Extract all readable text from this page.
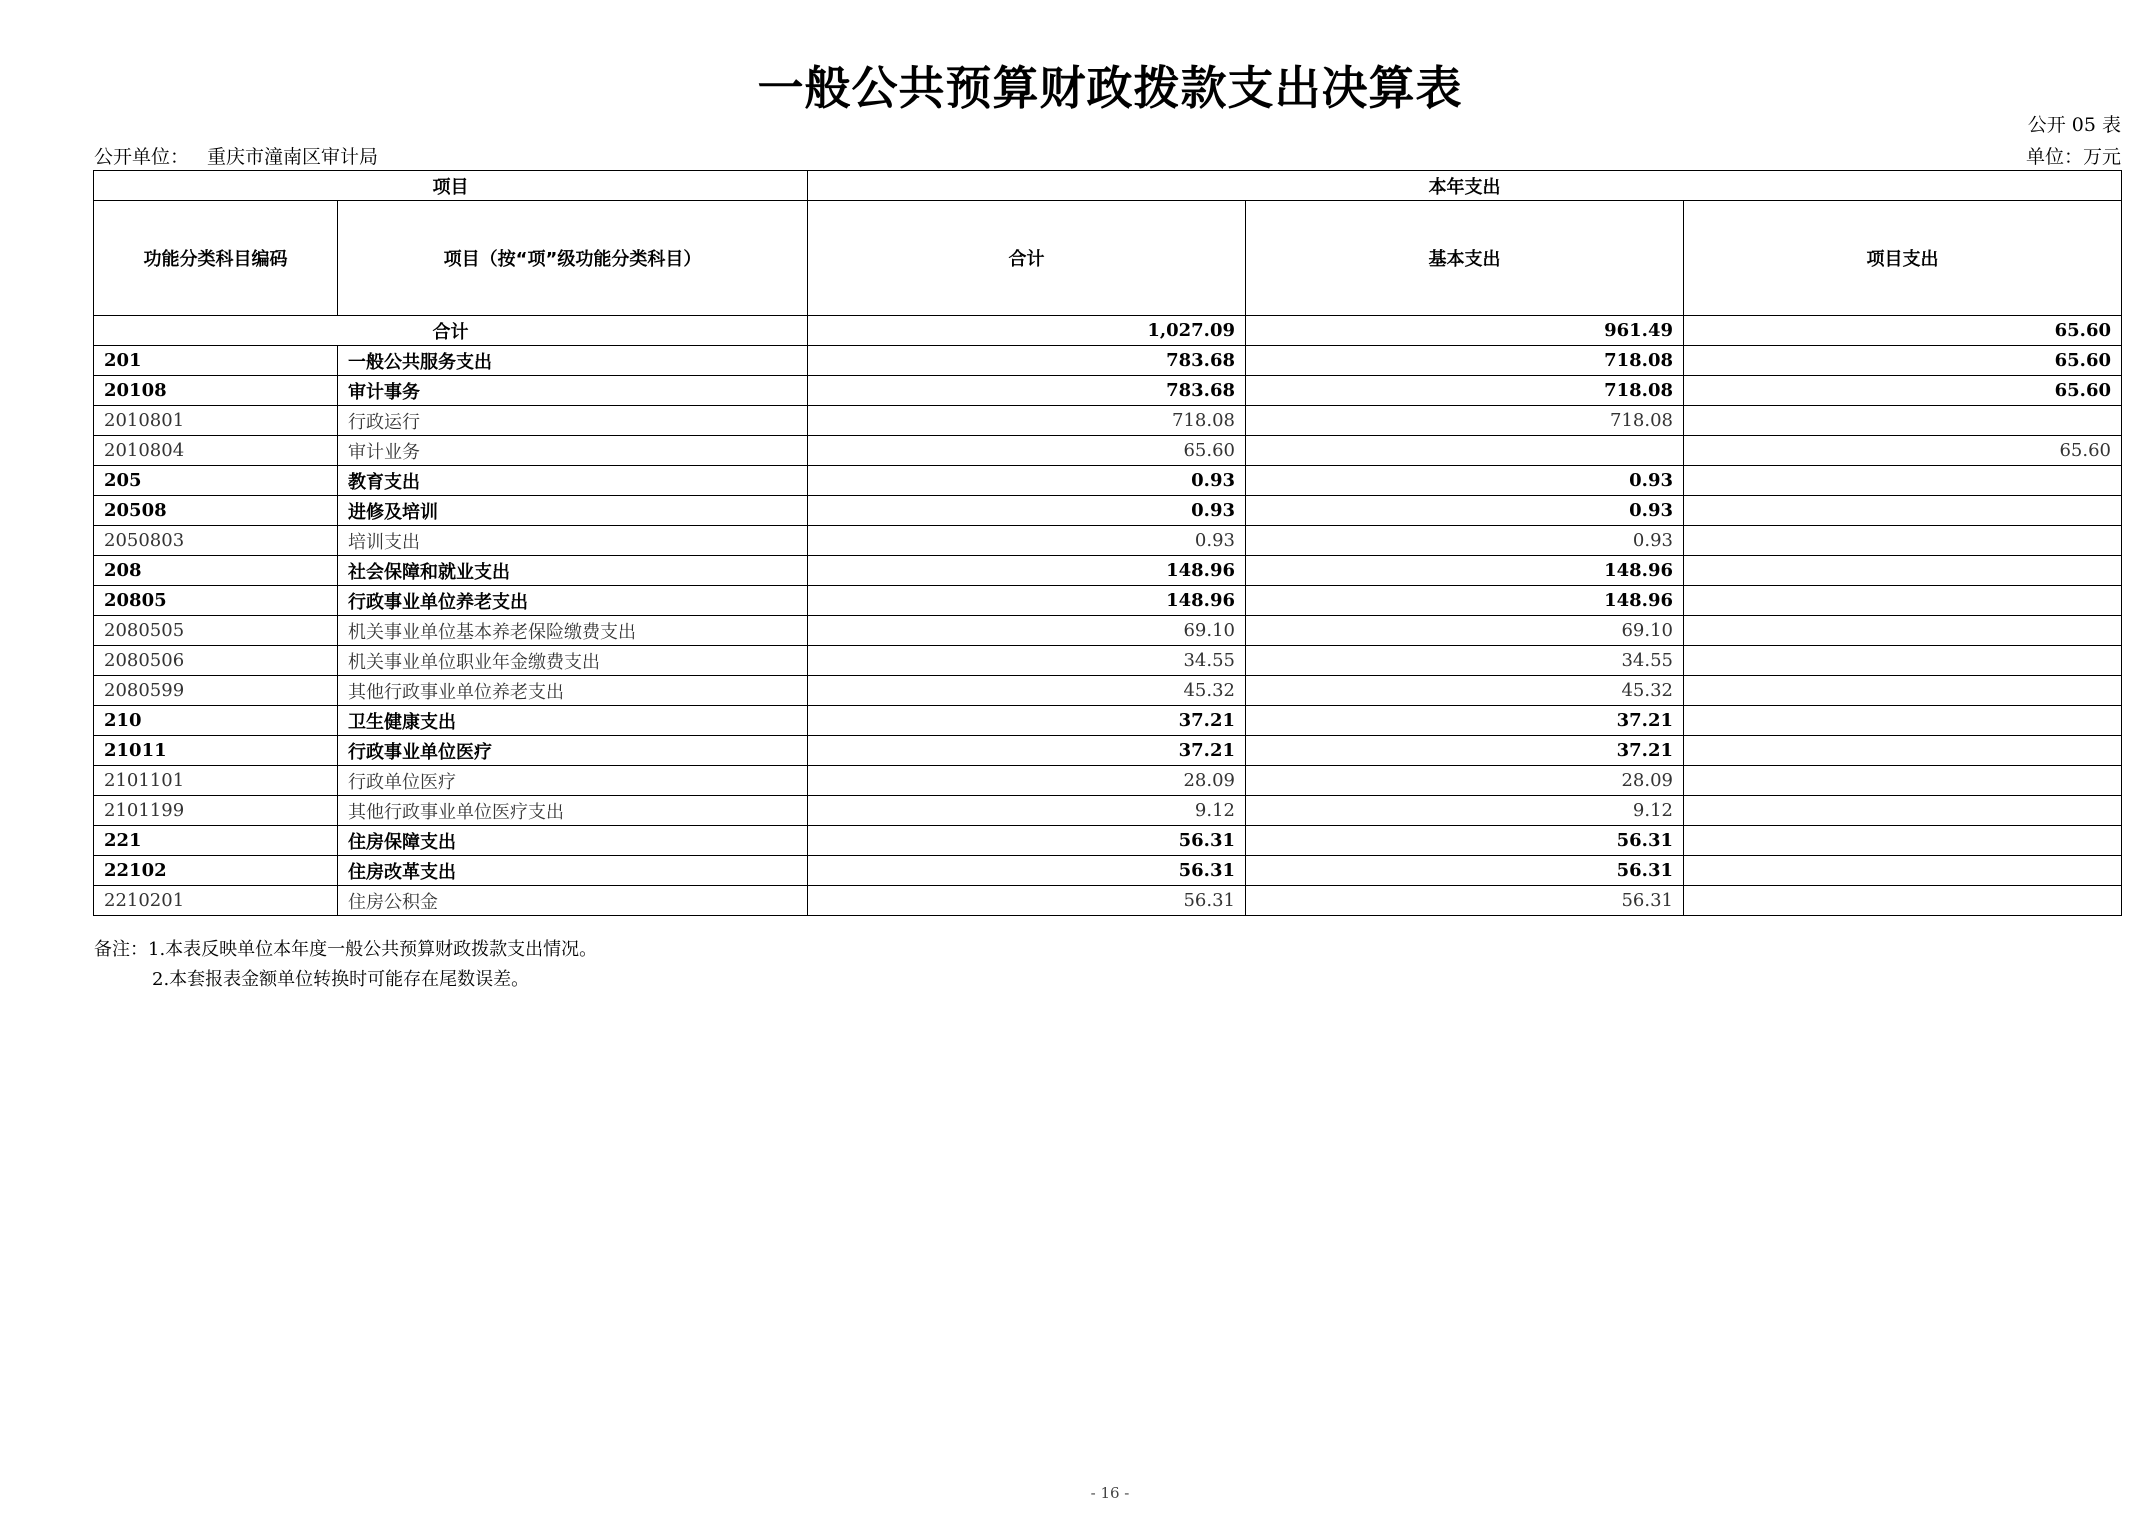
一般公共预算财政拨款支出决算表
公开 05 表
公开单位： 重庆市潼南区审计局	单位：万元
项目		本年支出		
功能分类科目编码	项目（按“项”级功能分类科目）	合计	基本支出	项目支出
合计		1,027.09	961.49	65.60
201	一般公共服务支出	783.68	718.08	65.60
20108	审计事务	783.68	718.08	65.60
2010801	行政运行	718.08	718.08	
2010804	审计业务	65.60		65.60
205	教育支出	0.93	0.93	
20508	进修及培训	0.93	0.93	
2050803	培训支出	0.93	0.93	
208	社会保障和就业支出	148.96	148.96	
20805	行政事业单位养老支出	148.96	148.96	
2080505	机关事业单位基本养老保险缴费支出	69.10	69.10	
2080506	机关事业单位职业年金缴费支出	34.55	34.55	
2080599	其他行政事业单位养老支出	45.32	45.32	
210	卫生健康支出	37.21	37.21	
21011	行政事业单位医疗	37.21	37.21	
2101101	行政单位医疗	28.09	28.09	
2101199	其他行政事业单位医疗支出	9.12	9.12	
221	住房保障支出	56.31	56.31	
22102	住房改革支出	56.31	56.31	
2210201	住房公积金	56.31	56.31	
备注：1.本表反映单位本年度一般公共预算财政拨款支出情况。
2.本套报表金额单位转换时可能存在尾数误差。
- 16 -
